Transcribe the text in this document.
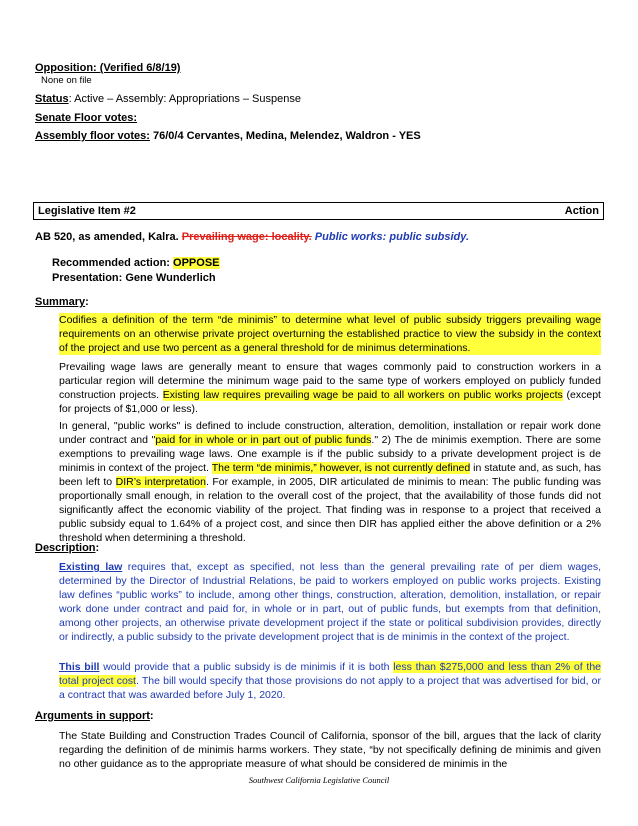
Opposition: (Verified 6/8/19)
None on file
Status: Active – Assembly: Appropriations – Suspense
Senate Floor votes:
Assembly floor votes: 76/0/4 Cervantes, Medina, Melendez, Waldron - YES
Legislative Item #2	Action
AB 520, as amended, Kalra. Prevailing wage: locality. Public works: public subsidy.
Recommended action: OPPOSE
Presentation: Gene Wunderlich
Summary:
Codifies a definition of the term “de minimis” to determine what level of public subsidy triggers prevailing wage requirements on an otherwise private project overturning the established practice to view the subsidy in the context of the project and use two percent as a general threshold for de minimus determinations.
Prevailing wage laws are generally meant to ensure that wages commonly paid to construction workers in a particular region will determine the minimum wage paid to the same type of workers employed on publicly funded construction projects. Existing law requires prevailing wage be paid to all workers on public works projects (except for projects of $1,000 or less).
In general, "public works" is defined to include construction, alteration, demolition, installation or repair work done under contract and "paid for in whole or in part out of public funds." 2) The de minimis exemption. There are some exemptions to prevailing wage laws. One example is if the public subsidy to a private development project is de minimis in context of the project. The term “de minimis,” however, is not currently defined in statute and, as such, has been left to DIR’s interpretation. For example, in 2005, DIR articulated de minimis to mean: The public funding was proportionally small enough, in relation to the overall cost of the project, that the availability of those funds did not significantly affect the economic viability of the project. That finding was in response to a project that received a public subsidy equal to 1.64% of a project cost, and since then DIR has applied either the above definition or a 2% threshold when determining a threshold.
Description:
Existing law requires that, except as specified, not less than the general prevailing rate of per diem wages, determined by the Director of Industrial Relations, be paid to workers employed on public works projects. Existing law defines “public works” to include, among other things, construction, alteration, demolition, installation, or repair work done under contract and paid for, in whole or in part, out of public funds, but exempts from that definition, among other projects, an otherwise private development project if the state or political subdivision provides, directly or indirectly, a public subsidy to the private development project that is de minimis in the context of the project.
This bill would provide that a public subsidy is de minimis if it is both less than $275,000 and less than 2% of the total project cost. The bill would specify that those provisions do not apply to a project that was advertised for bid, or a contract that was awarded before July 1, 2020.
Arguments in support:
The State Building and Construction Trades Council of California, sponsor of the bill, argues that the lack of clarity regarding the definition of de minimis harms workers. They state, “by not specifically defining de minimis and given no other guidance as to the appropriate measure of what should be considered de minimis in the
Southwest California Legislative Council
